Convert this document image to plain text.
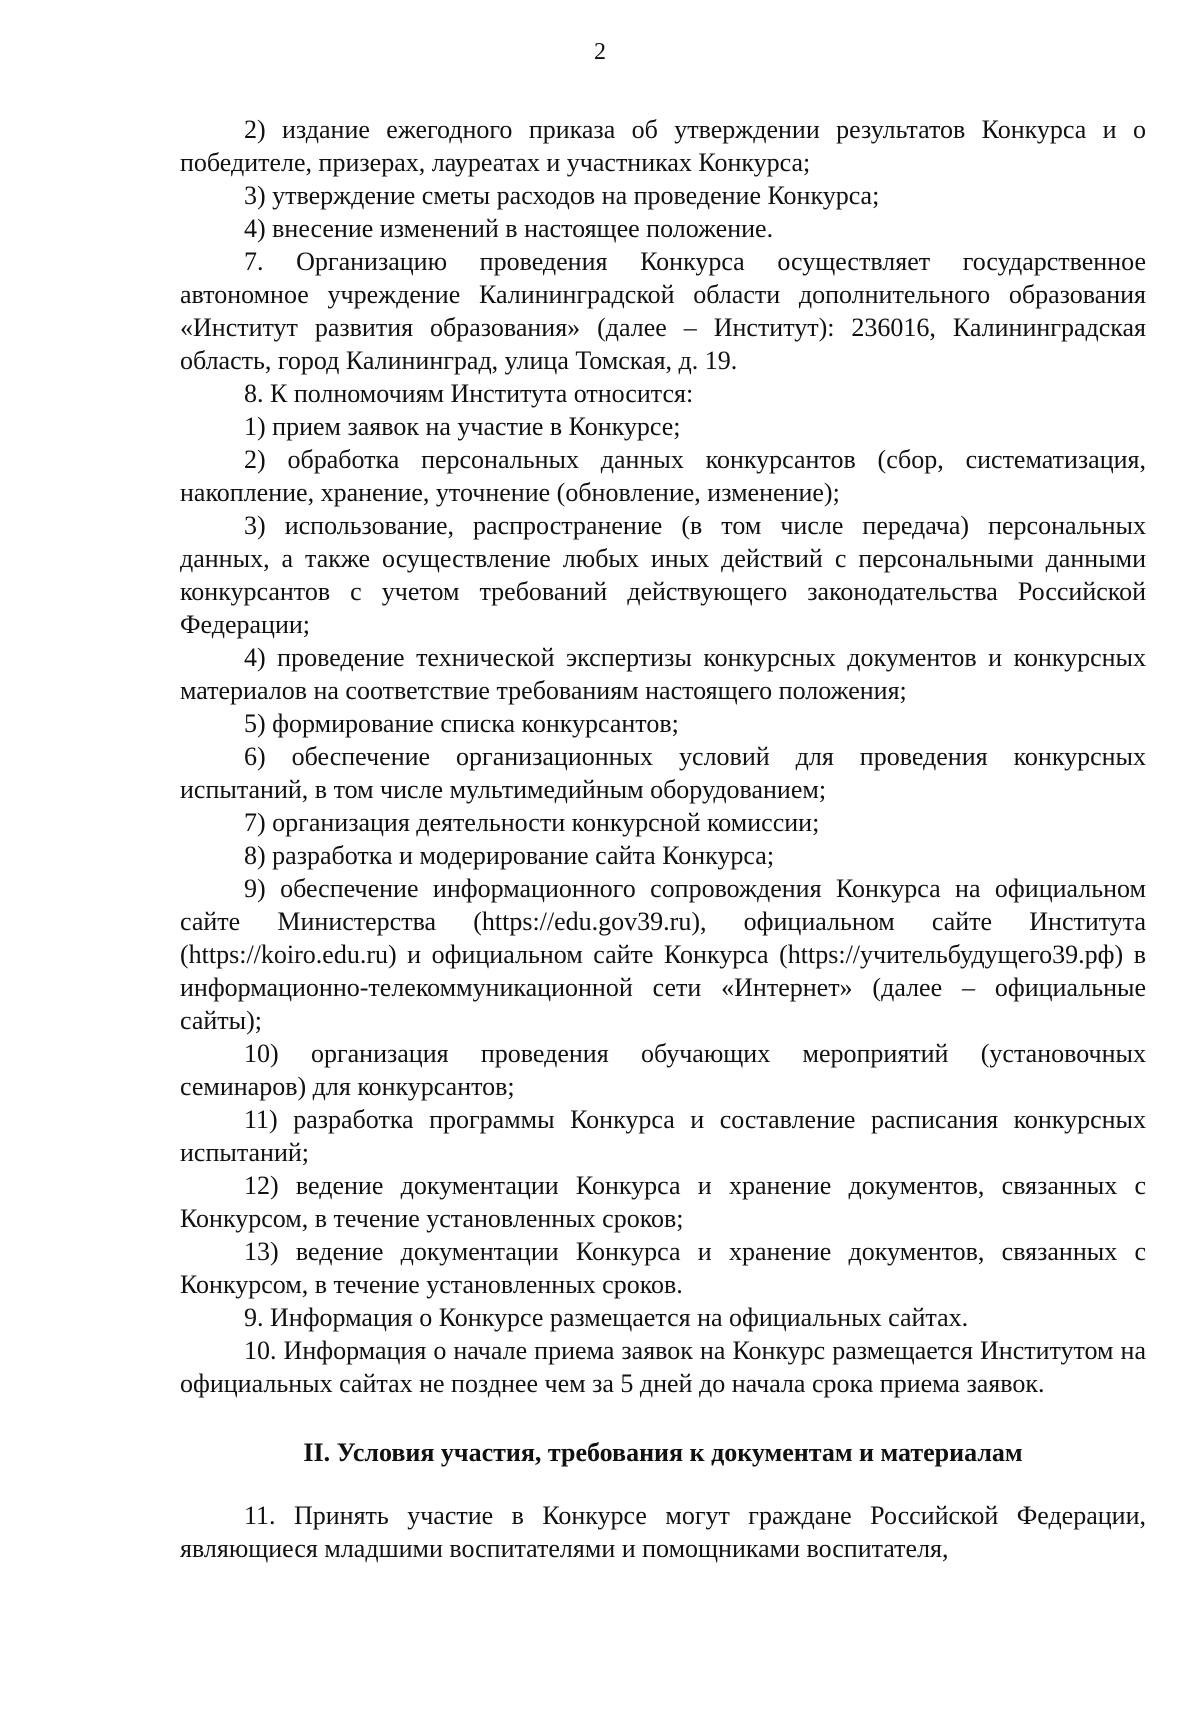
2

2) издание ежегодного приказа об утверждении результатов Конкурса и о победителе, призерах, лауреатах и участниках Конкурса;

3) утверждение сметы расходов на проведение Конкурса;

4) внесение изменений в настоящее положение.

7. Организацию проведения Конкурса осуществляет государственное автономное учреждение Калининградской области дополнительного образования «Институт развития образования» (далее – Институт): 236016, Калининградская область, город Калининград, улица Томская, д. 19.

8. К полномочиям Института относится:

1) прием заявок на участие в Конкурсе;

2) обработка персональных данных конкурсантов (сбор, систематизация, накопление, хранение, уточнение (обновление, изменение);

3) использование, распространение (в том числе передача) персональных данных, а также осуществление любых иных действий с персональными данными конкурсантов с учетом требований действующего законодательства Российской Федерации;

4) проведение технической экспертизы конкурсных документов и конкурсных материалов на соответствие требованиям настоящего положения;

5) формирование списка конкурсантов;

6) обеспечение организационных условий для проведения конкурсных испытаний, в том числе мультимедийным оборудованием;

7) организация деятельности конкурсной комиссии;

8) разработка и модерирование сайта Конкурса;

9) обеспечение информационного сопровождения Конкурса на официальном сайте Министерства (https://edu.gov39.ru), официальном сайте Института (https://koiro.edu.ru) и официальном сайте Конкурса (https://учительбудущего39.рф) в информационно-телекоммуникационной сети «Интернет» (далее – официальные сайты);

10) организация проведения обучающих мероприятий (установочных семинаров) для конкурсантов;

11) разработка программы Конкурса и составление расписания конкурсных испытаний;

12) ведение документации Конкурса и хранение документов, связанных с Конкурсом, в течение установленных сроков;

13) ведение документации Конкурса и хранение документов, связанных с Конкурсом, в течение установленных сроков.

9. Информация о Конкурсе размещается на официальных сайтах.

10. Информация о начале приема заявок на Конкурс размещается Институтом на официальных сайтах не позднее чем за 5 дней до начала срока приема заявок.

II. Условия участия, требования к документам и материалам

11. Принять участие в Конкурсе могут граждане Российской Федерации, являющиеся младшими воспитателями и помощниками воспитателя,
